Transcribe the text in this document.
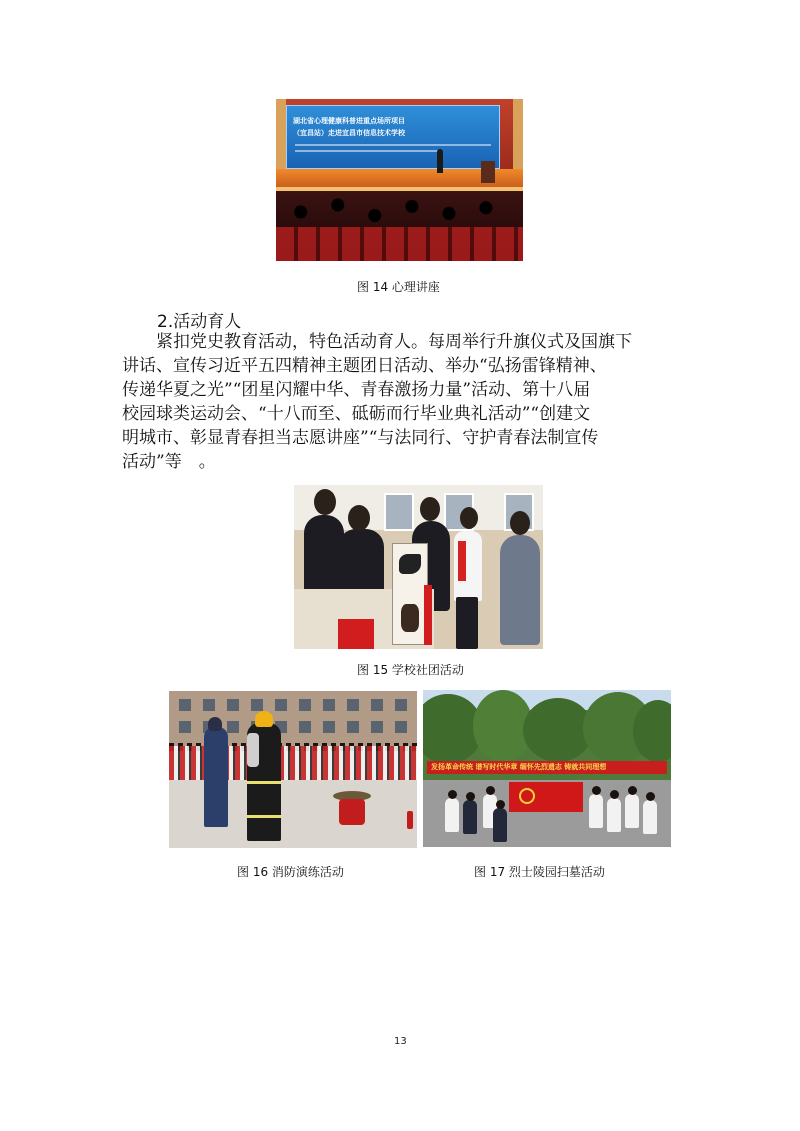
湖北省心理健康科普进重点场所项目
（宜昌站）走进宜昌市信息技术学校
图 14 心理讲座
2.活动育人
　　紧扣党史教育活动，特色活动育人。每周举行升旗仪式及国旗下
讲话、宣传习近平五四精神主题团日活动、举办“弘扬雷锋精神、
传递华夏之光”“团星闪耀中华、青春激扬力量”活动、第十八届
校园球类运动会、“十八而至、砥砺而行毕业典礼活动”“创建文
明城市、彰显青春担当志愿讲座”“与法同行、守护青春法制宣传
活动”等　。
图 15 学校社团活动
图 16 消防演练活动
发扬革命传统 谱写时代华章 缅怀先烈遗志 铸就共同理想
图 17 烈士陵园扫墓活动
13
